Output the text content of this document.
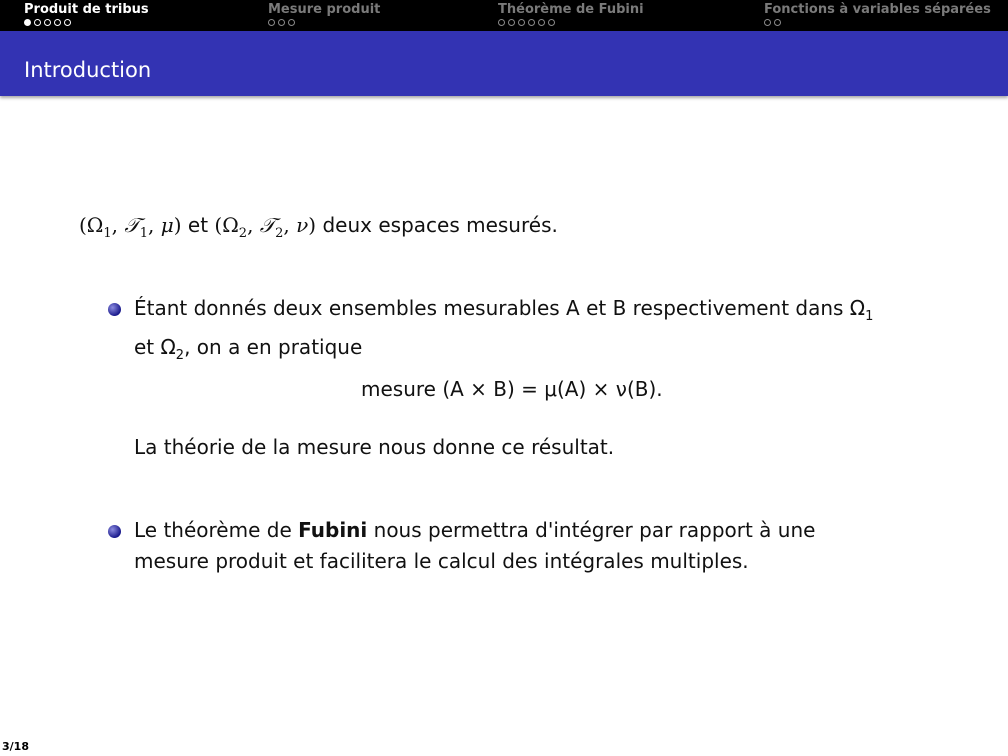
Produit de tribus	Mesure produit	Théorème de Fubini	Fonctions à variables séparées
Introduction
($\Omega_1$, 𝒯$_1$, μ) et ($\Omega_2$, 𝒯$_2$, ν) deux espaces mesurés.
Étant donnés deux ensembles mesurables A et B respectivement dans $\Omega_1$
et $\Omega_2$, on a en pratique
mesure (A × B) = μ(A) × ν(B).
La théorie de la mesure nous donne ce résultat.
Le théorème de Fubini nous permettra d'intégrer par rapport à une
mesure produit et facilitera le calcul des intégrales multiples.
3/18
